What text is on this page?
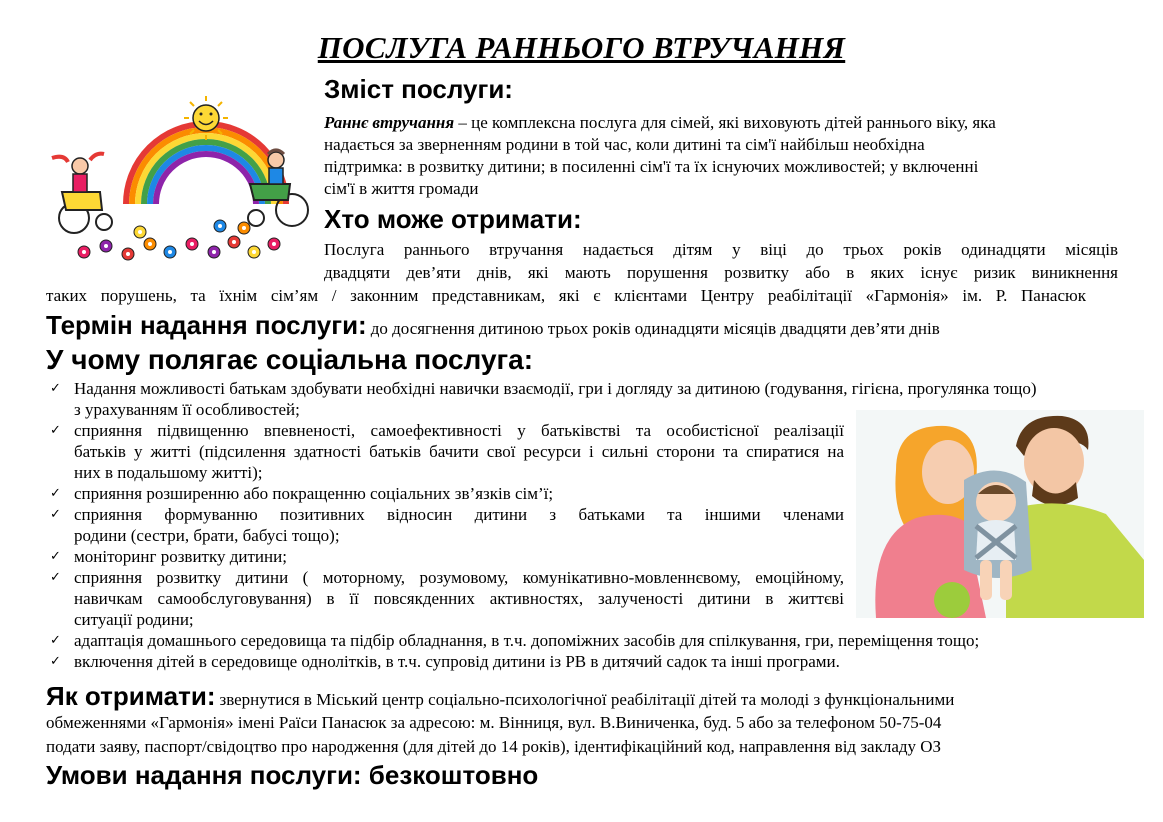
ПОСЛУГА РАННЬОГО ВТРУЧАННЯ
Зміст послуги:
Раннє втручання – це комплексна послуга для сімей, які виховують дітей раннього віку, яка
надається за зверненням родини в той час, коли дитині та сім'ї найбільш необхідна
підтримка: в розвитку дитини; в посиленні сім'ї та їх існуючих можливостей; у включенні
сім'ї в життя громади
Хто може отримати:
Послуга раннього втручання надається дітям у віці до трьох років одинадцяти місяців
двадцяти дев’яти днів, які мають порушення розвитку або в яких існує ризик виникнення
таких порушень, та їхнім сім’ям / законним представникам, які є клієнтами Центру реабілітації «Гармонія» ім. Р. Панасюк
Термін надання послуги: до досягнення дитиною трьох років одинадцяти місяців двадцяти дев’яти днів
У чому полягає соціальна послуга:
✓ Надання можливості батькам здобувати необхідні навички взаємодії, гри і догляду за дитиною (годування, гігієна, прогулянка тощо)
з урахуванням її особливостей;
✓ сприяння підвищенню впевненості, самоефективності у батьківстві та особистісної реалізації
батьків у житті (підсилення здатності батьків бачити свої ресурси і сильні сторони та спиратися на
них в подальшому житті);
✓ сприяння розширенню або покращенню соціальних зв’язків сім’ї;
✓ сприяння формуванню позитивних відносин дитини з батьками та іншими членами
родини (сестри, брати, бабусі тощо);
✓ моніторинг розвитку дитини;
✓ сприяння розвитку дитини ( моторному, розумовому, комунікативно-мовленнєвому, емоційному,
навичкам самообслуговування) в її повсякденних активностях, залученості дитини в життєві
ситуації родини;
✓ адаптація домашнього середовища та підбір обладнання, в т.ч. допоміжних засобів для спілкування, гри, переміщення тощо;
✓ включення дітей в середовище однолітків, в т.ч. супровід дитини із РВ в дитячий садок та інші програми.
Як отримати: звернутися в Міський центр соціально-психологічної реабілітації дітей та молоді з функціональними
обмеженнями «Гармонія» імені Раїси Панасюк за адресою: м. Вінниця, вул. В.Виниченка, буд. 5 або за телефоном 50-75-04
подати заяву, паспорт/свідоцтво про народження (для дітей до 14 років), ідентифікаційний код, направлення від закладу ОЗ
Умови надання послуги: безкоштовно
